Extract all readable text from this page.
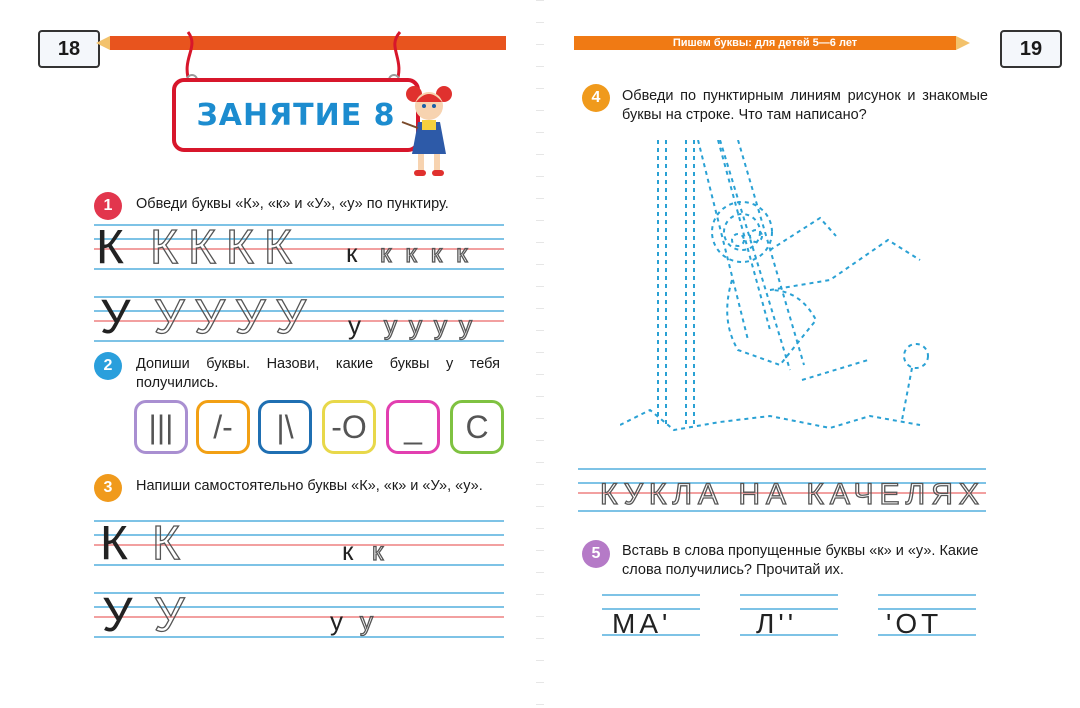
18	Пишем буквы: для детей 5—6 лет	19
ЗАНЯТИЕ 8
1	Обведи буквы «К», «к» и «У», «у» по пунктиру.
К КККК к кккк
У УУУУ у уууу
2	Допиши буквы. Назови, какие буквы у тебя получились.
|||	/-	|\	-O	_	C
3	Напиши самостоятельно буквы «К», «к» и «У», «у».
К К	к к
У У	у у
4	Обведи по пунктирным линиям рисунок и знакомые буквы на строке. Что там написано?
КУКЛА НА КАЧЕЛЯХ
5	Вставь в слова пропущенные буквы «к» и «у». Какие слова получились? Прочитай их.
МА'	Л''	'ОТ
